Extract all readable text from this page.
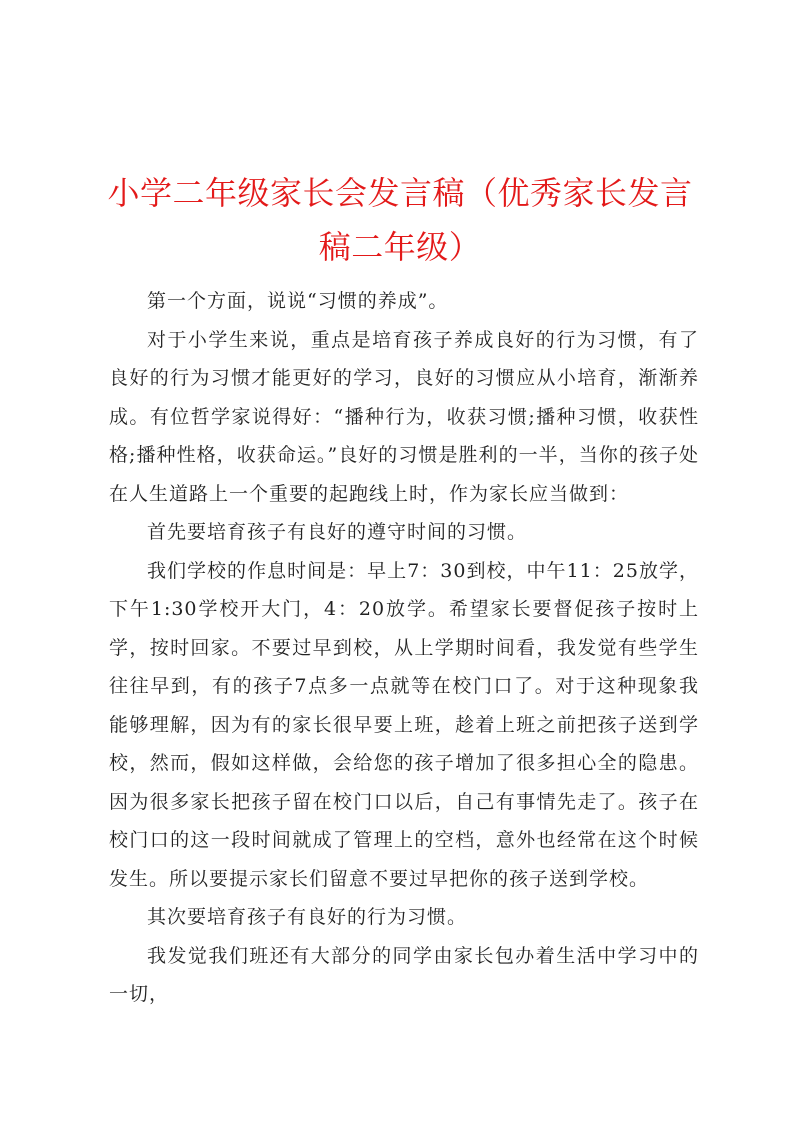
小学二年级家长会发言稿（优秀家长发言稿二年级）

第一个方面，说说“习惯的养成”。

对于小学生来说，重点是培育孩子养成良好的行为习惯，有了良好的行为习惯才能更好的学习，良好的习惯应从小培育，渐渐养成。有位哲学家说得好：“播种行为，收获习惯;播种习惯，收获性格;播种性格，收获命运。”良好的习惯是胜利的一半，当你的孩子处在人生道路上一个重要的起跑线上时，作为家长应当做到：

首先要培育孩子有良好的遵守时间的习惯。

我们学校的作息时间是：早上7：30到校，中午11：25放学，下午1:30学校开大门，4：20放学。希望家长要督促孩子按时上学，按时回家。不要过早到校，从上学期时间看，我发觉有些学生往往早到，有的孩子7点多一点就等在校门口了。对于这种现象我能够理解，因为有的家长很早要上班，趁着上班之前把孩子送到学校，然而，假如这样做，会给您的孩子增加了很多担心全的隐患。因为很多家长把孩子留在校门口以后，自己有事情先走了。孩子在校门口的这一段时间就成了管理上的空档，意外也经常在这个时候发生。所以要提示家长们留意不要过早把你的孩子送到学校。

其次要培育孩子有良好的行为习惯。

我发觉我们班还有大部分的同学由家长包办着生活中学习中的一切，
